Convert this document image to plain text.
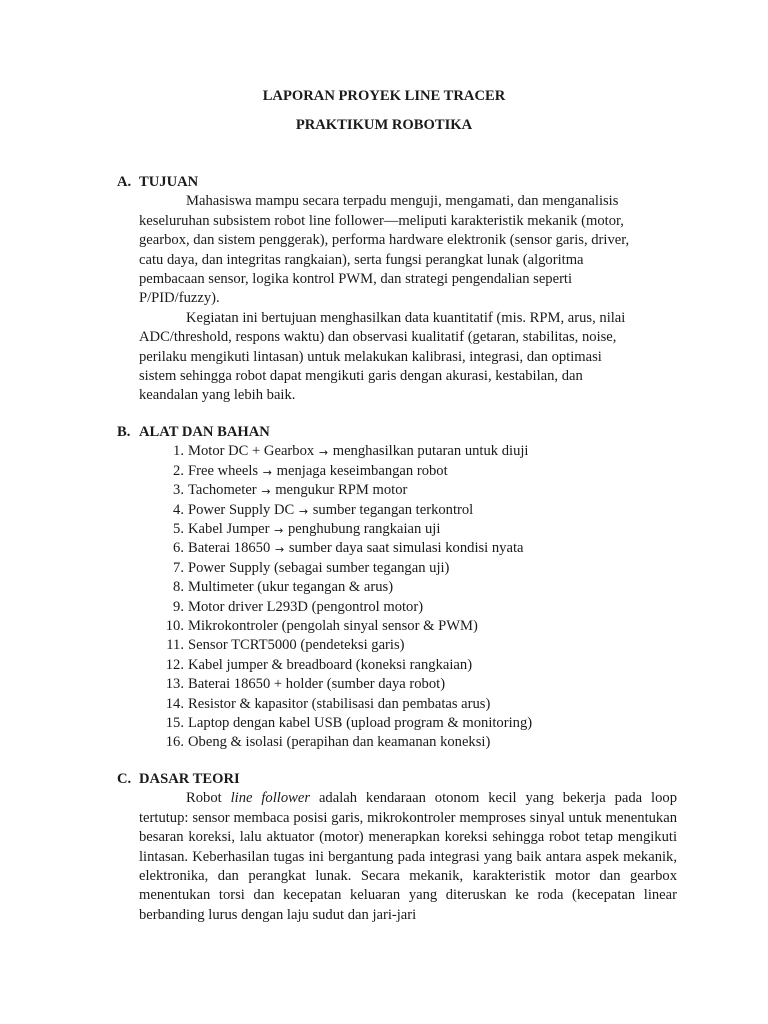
LAPORAN PROYEK LINE TRACER
PRAKTIKUM ROBOTIKA
A. TUJUAN
Mahasiswa mampu secara terpadu menguji, mengamati, dan menganalisis
keseluruhan subsistem robot line follower—meliputi karakteristik mekanik (motor,
gearbox, dan sistem penggerak), performa hardware elektronik (sensor garis, driver,
catu daya, dan integritas rangkaian), serta fungsi perangkat lunak (algoritma
pembacaan sensor, logika kontrol PWM, dan strategi pengendalian seperti
P/PID/fuzzy).
Kegiatan ini bertujuan menghasilkan data kuantitatif (mis. RPM, arus, nilai
ADC/threshold, respons waktu) dan observasi kualitatif (getaran, stabilitas, noise,
perilaku mengikuti lintasan) untuk melakukan kalibrasi, integrasi, dan optimasi
sistem sehingga robot dapat mengikuti garis dengan akurasi, kestabilan, dan
keandalan yang lebih baik.
B. ALAT DAN BAHAN
1. Motor DC + Gearbox → menghasilkan putaran untuk diuji
2. Free wheels → menjaga keseimbangan robot
3. Tachometer → mengukur RPM motor
4. Power Supply DC → sumber tegangan terkontrol
5. Kabel Jumper → penghubung rangkaian uji
6. Baterai 18650 → sumber daya saat simulasi kondisi nyata
7. Power Supply (sebagai sumber tegangan uji)
8. Multimeter (ukur tegangan & arus)
9. Motor driver L293D (pengontrol motor)
10. Mikrokontroler (pengolah sinyal sensor & PWM)
11. Sensor TCRT5000 (pendeteksi garis)
12. Kabel jumper & breadboard (koneksi rangkaian)
13. Baterai 18650 + holder (sumber daya robot)
14. Resistor & kapasitor (stabilisasi dan pembatas arus)
15. Laptop dengan kabel USB (upload program & monitoring)
16. Obeng & isolasi (perapihan dan keamanan koneksi)
C. DASAR TEORI

Robot line follower adalah kendaraan otonom kecil yang bekerja pada loop tertutup: sensor membaca posisi garis, mikrokontroler memproses sinyal untuk menentukan besaran koreksi, lalu aktuator (motor) menerapkan koreksi sehingga robot tetap mengikuti lintasan. Keberhasilan tugas ini bergantung pada integrasi yang baik antara aspek mekanik, elektronika, dan perangkat lunak. Secara mekanik, karakteristik motor dan gearbox menentukan torsi dan kecepatan keluaran yang diteruskan ke roda (kecepatan linear berbanding lurus dengan laju sudut dan jari-jari
